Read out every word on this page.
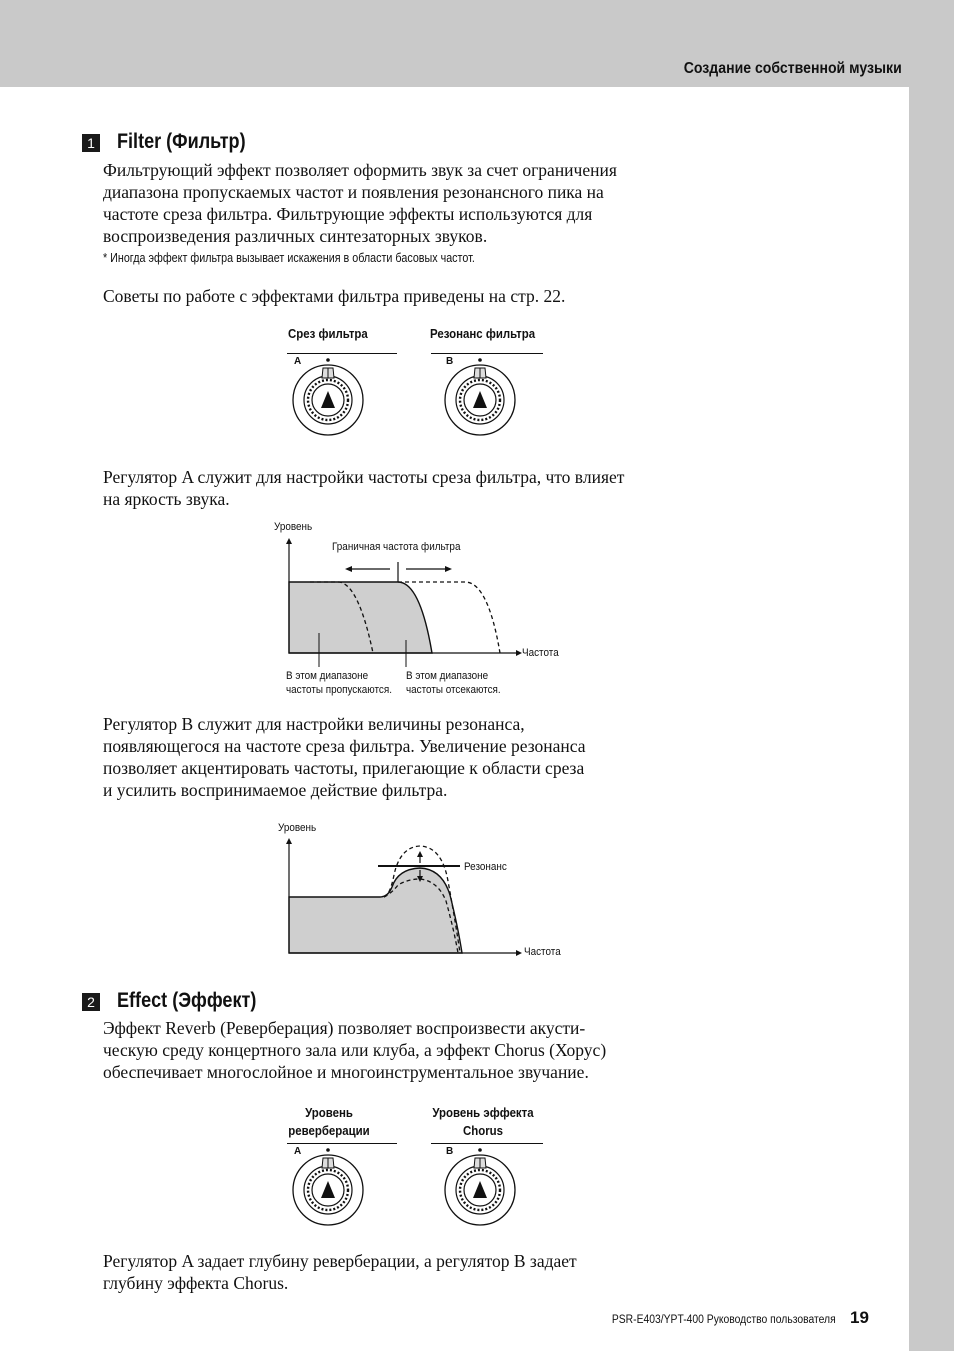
Создание собственной музыки
1 Filter (Фильтр)

Фильтрующий эффект позволяет оформить звук за счет ограничения
диапазона пропускаемых частот и появления резонансного пика на
частоте среза фильтра. Фильтрующие эффекты используются для
воспроизведения различных синтезаторных звуков.

* Иногда эффект фильтра вызывает искажения в области басовых частот.

Советы по работе с эффектами фильтра приведены на стр. 22.

Срез фильтра	Резонанс фильтра
A	B

Регулятор A служит для настройки частоты среза фильтра, что влияет
на яркость звука.

Уровень
Граничная частота фильтра
Частота
В этом диапазоне
частоты пропускаются.
В этом диапазоне
частоты отсекаются.

Регулятор B служит для настройки величины резонанса,
появляющегося на частоте среза фильтра. Увеличение резонанса
позволяет акцентировать частоты, прилегающие к области среза
и усилить воспринимаемое действие фильтра.

Уровень
Резонанс
Частота
2 Effect (Эффект)

Эффект Reverb (Реверберация) позволяет воспроизвести акусти-
ческую среду концертного зала или клуба, а эффект Chorus (Хорус)
обеспечивает многослойное и многоинструментальное звучание.

Уровень
реверберации
Уровень эффекта
Chorus
A	B

Регулятор A задает глубину реверберации, а регулятор B задает
глубину эффекта Chorus.

PSR-E403/YPT-400 Руководство пользователя 19
